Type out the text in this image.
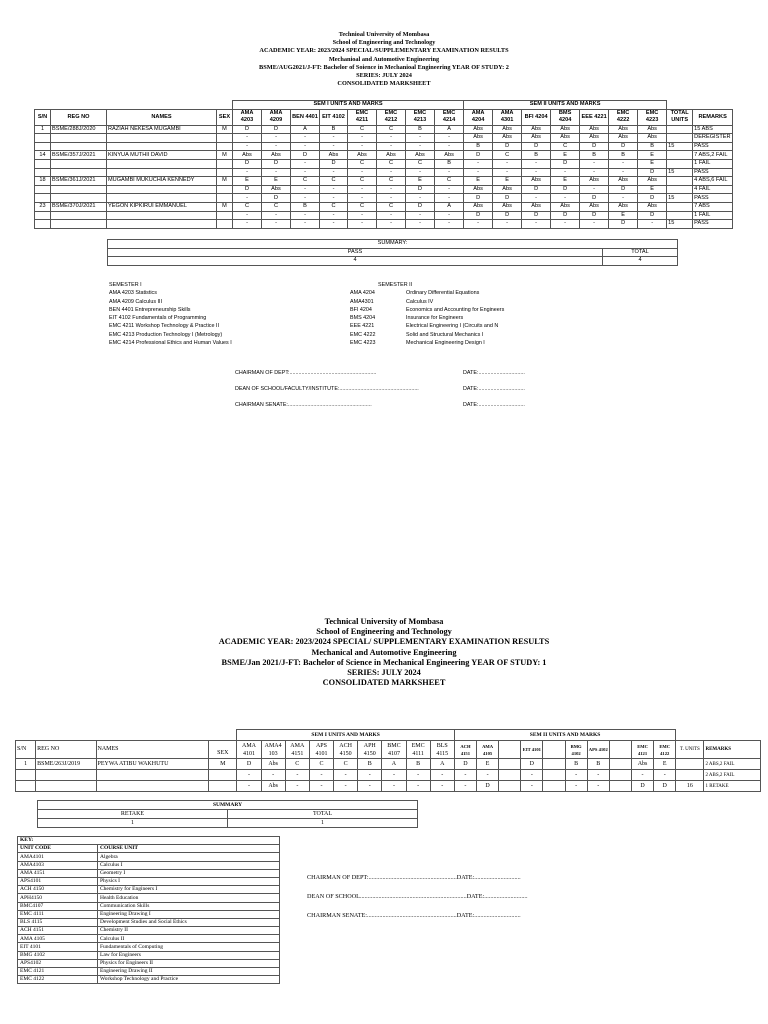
Technioal University of Mombasa
School of Engineering and Technology
ACADEMIC YEAR: 2023/2024 SPECIAL/SUPPLEMENTARY EXAMINATION RESULTS
Mechanioal and Automotive Engineering
BSME/AUG2021/J-FT: Bachelor of Soience in Mechanioal Engineering YEAR OF STUDY: 2
SERIES: JULY 2024
CONSOLIDATED MARKSHEET
				SEM I UNITS AND MARKS								SEM II UNITS AND MARKS								
S/N	REG NO	NAMES	SEX	AMA 4203	AMA 4209	BEN 4401	EIT 4102	EMC 4211	EMC 4212	EMC 4213	EMC 4214	AMA 4204	AMA 4301	BFI 4204	BMS 4204	EEE 4221	EMC 4222	EMC 4223	TOTAL UNITS	REMARKS
1	BSME/288J/2020	RAZIAH NEKESA MUGAMBI	M	D	D	A	B	C	C	B	A	Abs	Abs	Abs	Abs	Abs	Abs	Abs		15 ABS
				-	-	-	-	-	-	-	-	Abs	Abs	Abs	Abs	Abs	Abs	Abs		DEREGISTER
				-	-	-	-	-	-	-	-	B	D	D	C	D	D	B	15	PASS
14	BSME/357J/2021	KINYUA MUTHII DAVID	M	Abs	Abs	D	Abs	Abs	Abs	Abs	Abs	D	C	B	E	B	B	E		7 ABS,2 FAIL
				D	D	-	D	C	C	C	B	-	-	-	D	-	-	E		1 FAIL
				-	-	-	-	-	-	-	-	-	-	-	-	-	-	D	15	PASS
18	BSME/361J/2021	MUGAMBI MUKUCHIA KENNEDY	M	E	E	C	C	C	C	E	C	E	E	Abs	E	Abs	Abs	Abs		4 ABS,6 FAIL
				D	Abs	-	-	-	-	D	-	Abs	Abs	D	D	-	D	E		4 FAIL
				-	D	-	-	-	-	-	-	D	D	-	-	D	-	D	15	PASS
23	BSME/370J/2021	YEGON KIPKIRUI EMMANUEL	M	C	C	B	C	C	C	D	A	Abs	Abs	Abs	Abs	Abs	Abs	Abs		7 ABS
				-	-	-	-	-	-	-	-	D	D	D	D	D	E	D		1 FAIL
				-	-	-	-	-	-	-	-	-	-	-	-	-	D	-	15	PASS
SUMMARY:	
PASS	TOTAL
4	4
SEMESTER I
AMA 4203 Statistics
AMA 4209 Calculus III
BEN 4401 Entrepreneurship Skills
EIT 4102 Fundamentals of Programming
EMC 4211 Workshop Technology & Practice II
EMC 4213 Production Technology I (Metrology)
EMC 4214 Professional Ethics and Human Values I
SEMESTER II
AMA 4204	Ordinary Differential Equations
AMA4301	Calculus IV
BFI 4204	Economics and Accounting for Engineers
BMS 4204	Insurance for Engineers
EEE 4221	Electrical Engineering I (Circuits and N
EMC 4222	Solid and Structural Mechanics I
EMC 4223	Mechanical Engineering Design I
CHAIRMAN OF DEPT:..........................................................	DATE:...............................
DEAN OF SCHOOL/FACULTY/INSTITUTE:.....................................................	DATE:...............................
CHAIRMAN SENATE:........................................................	DATE:...............................
Technical University of Mombasa
School of Engineering and Technology
ACADEMIC YEAR: 2023/2024 SPECIAL/ SUPPLEMENTARY EXAMINATION RESULTS
Mechanical and Automotive Engineering
BSME/Jan 2021/J-FT: Bachelor of Science in Mechanical Engineering YEAR OF STUDY: 1
SERIES: JULY 2024
CONSOLIDATED MARKSHEET
				SEM I UNITS AND MARKS									SEM II UNITS AND MARKS											
S/N	REG NO	NAMES	SEX	AMA 4101	AMA4 103	AMA 4151	APS 4101	ACH 4150	APH 4150	BMC 4107	EMC 4111	BLS 4115	ACH 4151	AMA 4105		EIT 4101		BMG 4102	APS 4102		EMC 4121	EMC 4122	T. UNITS	REMARKS
1	BSME/263J/2019	PEYWA ATIBU WAKHUTU	M	D	Abs	C	C	C	B	A	B	A	D	E		D		B	B		Abs	E		2 ABS,2 FAIL
				-	-	-	-	-	-	-	-	-	-	-		-		-	-		-	-		2 ABS,2 FAIL
				-	Abs	-	-	-	-	-	-	-	-	D		-		-	-		D	D	16	1 RETAKE
SUMMARY	
RETAKE	TOTAL
1	1
KEY:	
UNIT CODE	COURSE UNIT
AMA4101	Algebra
AMA4103	Calculus I
AMA 4151	Geometry I
APS4101	Physics I
ACH 4150	Chemistry for Engineers I
APH4150	Health Education
BMC4107	Communication Skills
EMC 4111	Engineering Drawing I
BLS 4115	Development Studies and Social Ethics
ACH 4151	Chemistry II
AMA 4105	Calculus II
EIT 4101	Fundamentals of Computing
BMG 4102	Law for Engineers
APS4102	Physics for Engineers II
EMC 4121	Engineering Drawing II
EMC 4122	Workshop Technology and Practice
CHAIRMAN OF DEPT:.........................................................DATE:..............................
DEAN OF SCHOOL.....................................................................DATE:............................
CHAIRMAN SENATE:..........................................................DATE:..............................
